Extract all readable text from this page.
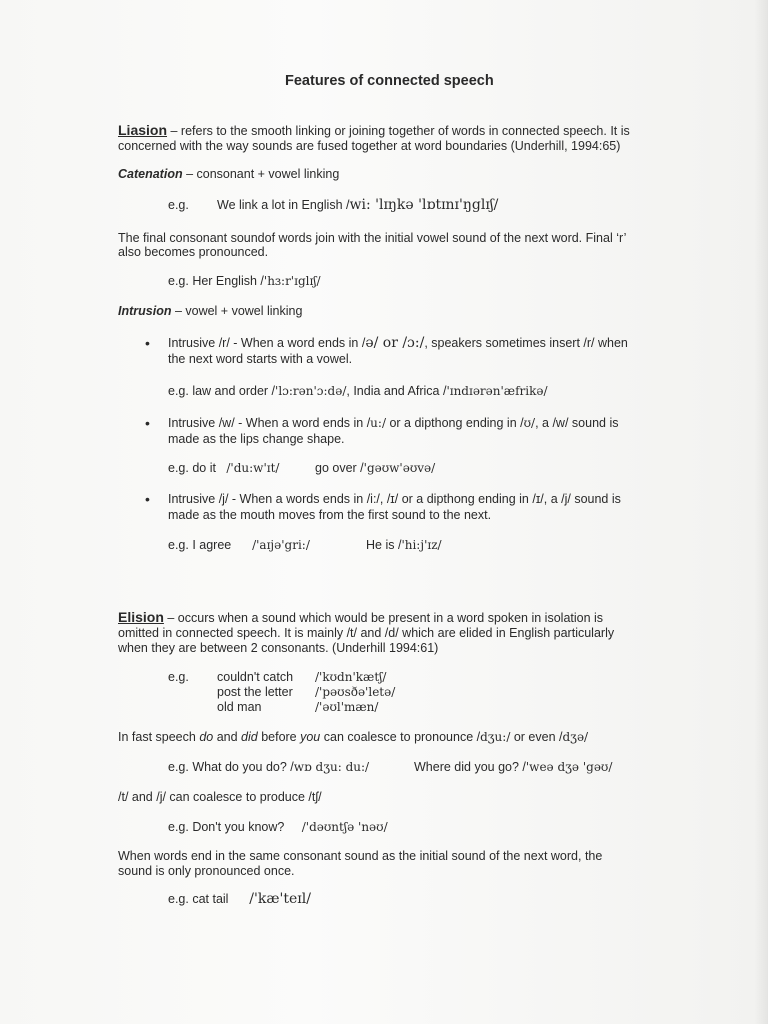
Features of connected speech
Liasion – refers to the smooth linking or joining together of words in connected speech. It is
concerned with the way sounds are fused together at word boundaries (Underhill, 1994:65)
Catenation – consonant + vowel linking
e.g. We link a lot in English /wi: 'lɪŋkə 'lɒtɪnɪ'ŋglɪʃ/
The final consonant soundof words join with the initial vowel sound of the next word. Final ‘r’
also becomes pronounced.
e.g. Her English /'hɜ:r'ɪglɪʃ/
Intrusion – vowel + vowel linking
• Intrusive /r/ - When a word ends in /ə/ or /ɔ:/, speakers sometimes insert /r/ when
the next word starts with a vowel.
e.g. law and order /'lɔ:rən'ɔ:də/, India and Africa /'ɪndɪərən'æfrikə/
• Intrusive /w/ - When a word ends in /u:/ or a dipthong ending in /ʊ/, a /w/ sound is
made as the lips change shape.
e.g. do it /'du:w'ɪt/	go over /'gəʊw'əʊvə/
• Intrusive /j/ - When a words ends in /i:/, /ɪ/ or a dipthong ending in /ɪ/, a /j/ sound is
made as the mouth moves from the first sound to the next.
e.g. I agree /'aɪjə'gri:/	He is /'hi:j'ɪz/
Elision – occurs when a sound which would be present in a word spoken in isolation is
omitted in connected speech. It is mainly /t/ and /d/ which are elided in English particularly
when they are between 2 consonants. (Underhill 1994:61)
e.g. couldn't catch /'kʊdn'kætʃ/
post the letter /'pəʊsðə'letə/
old man	/'əʊl'mæn/
In fast speech do and did before you can coalesce to pronounce /dʒu:/ or even /dʒə/
e.g. What do you do? /wɒ dʒu: du:/	Where did you go? /'weə dʒə 'gəʊ/
/t/ and /j/ can coalesce to produce /tʃ/
e.g. Don't you know? /'dəʊntʃə 'nəʊ/
When words end in the same consonant sound as the initial sound of the next word, the
sound is only pronounced once.
e.g. cat tail /'kæ'teɪl/
